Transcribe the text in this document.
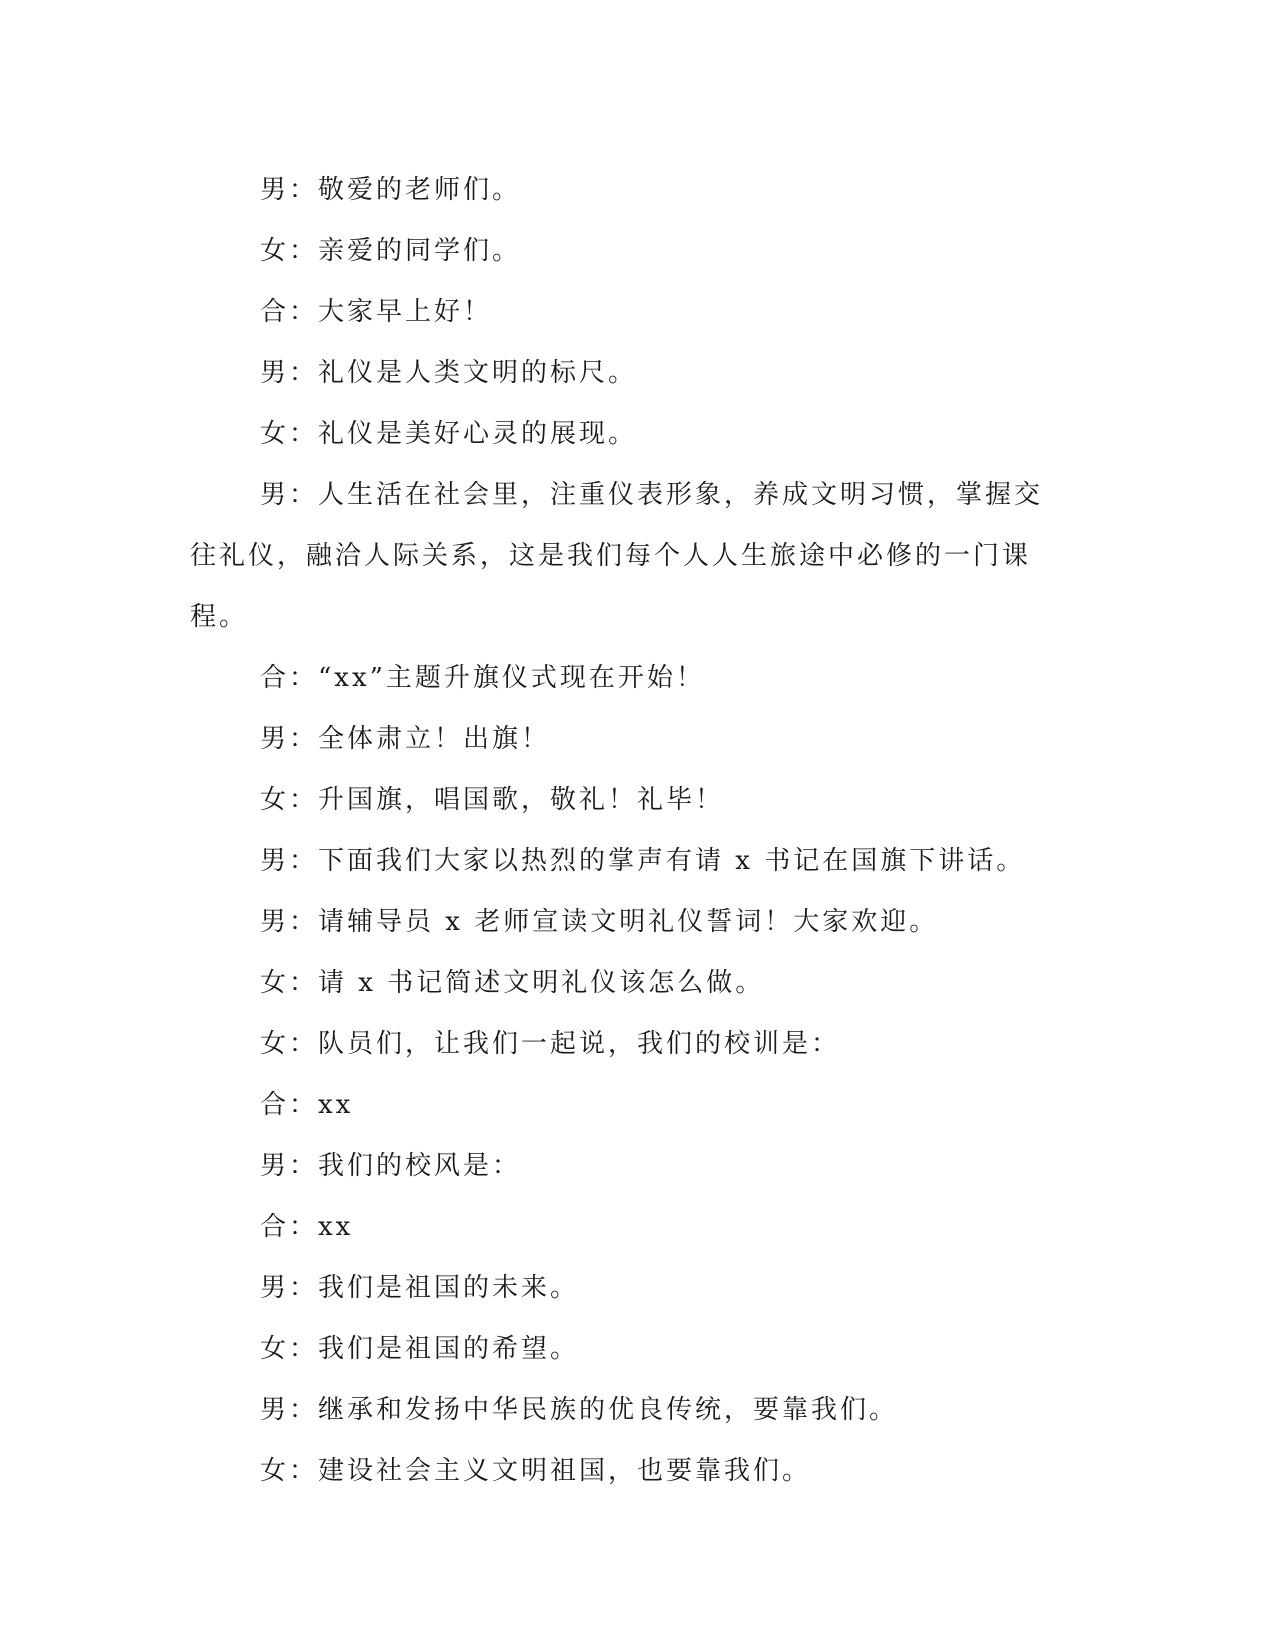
男：敬爱的老师们。

女：亲爱的同学们。

合：大家早上好！

男：礼仪是人类文明的标尺。

女：礼仪是美好心灵的展现。

男：人生活在社会里，注重仪表形象，养成文明习惯，掌握交往礼仪，融洽人际关系，这是我们每个人人生旅途中必修的一门课程。

合：“xx”主题升旗仪式现在开始！

男：全体肃立！出旗！

女：升国旗，唱国歌，敬礼！礼毕！

男：下面我们大家以热烈的掌声有请 x 书记在国旗下讲话。

男：请辅导员 x 老师宣读文明礼仪誓词！大家欢迎。

女：请 x 书记简述文明礼仪该怎么做。

女：队员们，让我们一起说，我们的校训是：

合：xx

男：我们的校风是：

合：xx

男：我们是祖国的未来。

女：我们是祖国的希望。

男：继承和发扬中华民族的优良传统，要靠我们。

女：建设社会主义文明祖国，也要靠我们。
